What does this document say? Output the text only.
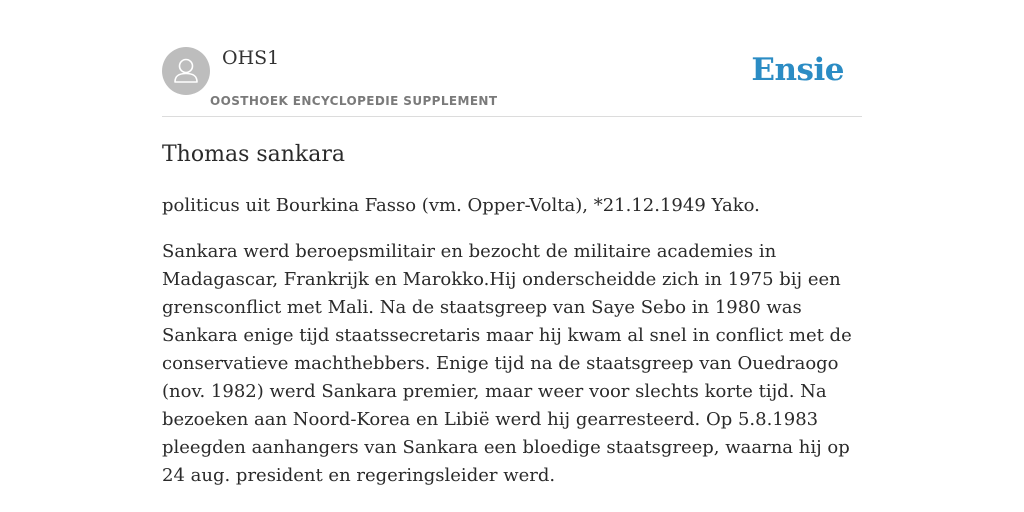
OHS1
OOSTHOEK ENCYCLOPEDIE SUPPLEMENT
Ensie
Thomas sankara

politicus uit Bourkina Fasso (vm. Opper-Volta), *21.12.1949 Yako.

Sankara werd beroepsmilitair en bezocht de militaire academies in Madagascar, Frankrijk en Marokko.Hij onderscheidde zich in 1975 bij een grensconflict met Mali. Na de staatsgreep van Saye Sebo in 1980 was Sankara enige tijd staatssecretaris maar hij kwam al snel in conflict met de conservatieve machthebbers. Enige tijd na de staatsgreep van Ouedraogo (nov. 1982) werd Sankara premier, maar weer voor slechts korte tijd. Na bezoeken aan Noord-Korea en Libië werd hij gearresteerd. Op 5.8.1983 pleegden aanhangers van Sankara een bloedige staatsgreep, waarna hij op 24 aug. president en regeringsleider werd.
